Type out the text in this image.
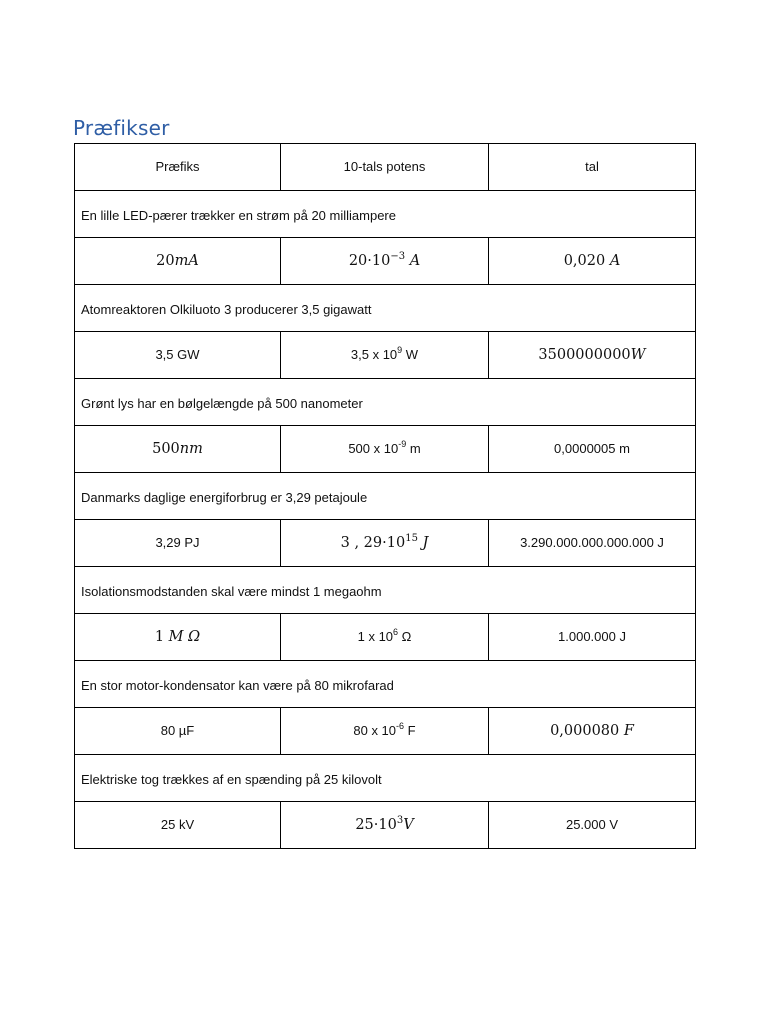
Præfikser
Præfiks	10-tals potens	tal
En lille LED-pærer trækker en strøm på 20 milliampere		
20mA	$20\cdot 10^{-3}$ A	0,020 A
Atomreaktoren Olkiluoto 3 producerer 3,5 gigawatt		
3,5 GW	3,5 x $10^9$ W	3500000000W
Grønt lys har en bølgelængde på 500 nanometer		
500nm	500 x $10^{-9}$ m	0,0000005 m
Danmarks daglige energiforbrug er 3,29 petajoule		
3,29 PJ	3 , $29\cdot 10^{15}$ J	3.290.000.000.000.000 J
Isolationsmodstanden skal være mindst 1 megaohm		
1 M Ω	1 x $10^6$ Ω	1.000.000 J
En stor motor-kondensator kan være på 80 mikrofarad		
80 µF	80 x $10^{-6}$ F	0,000080 F
Elektriske tog trækkes af en spænding på 25 kilovolt		
25 kV	$25\cdot 10^3V$	25.000 V
